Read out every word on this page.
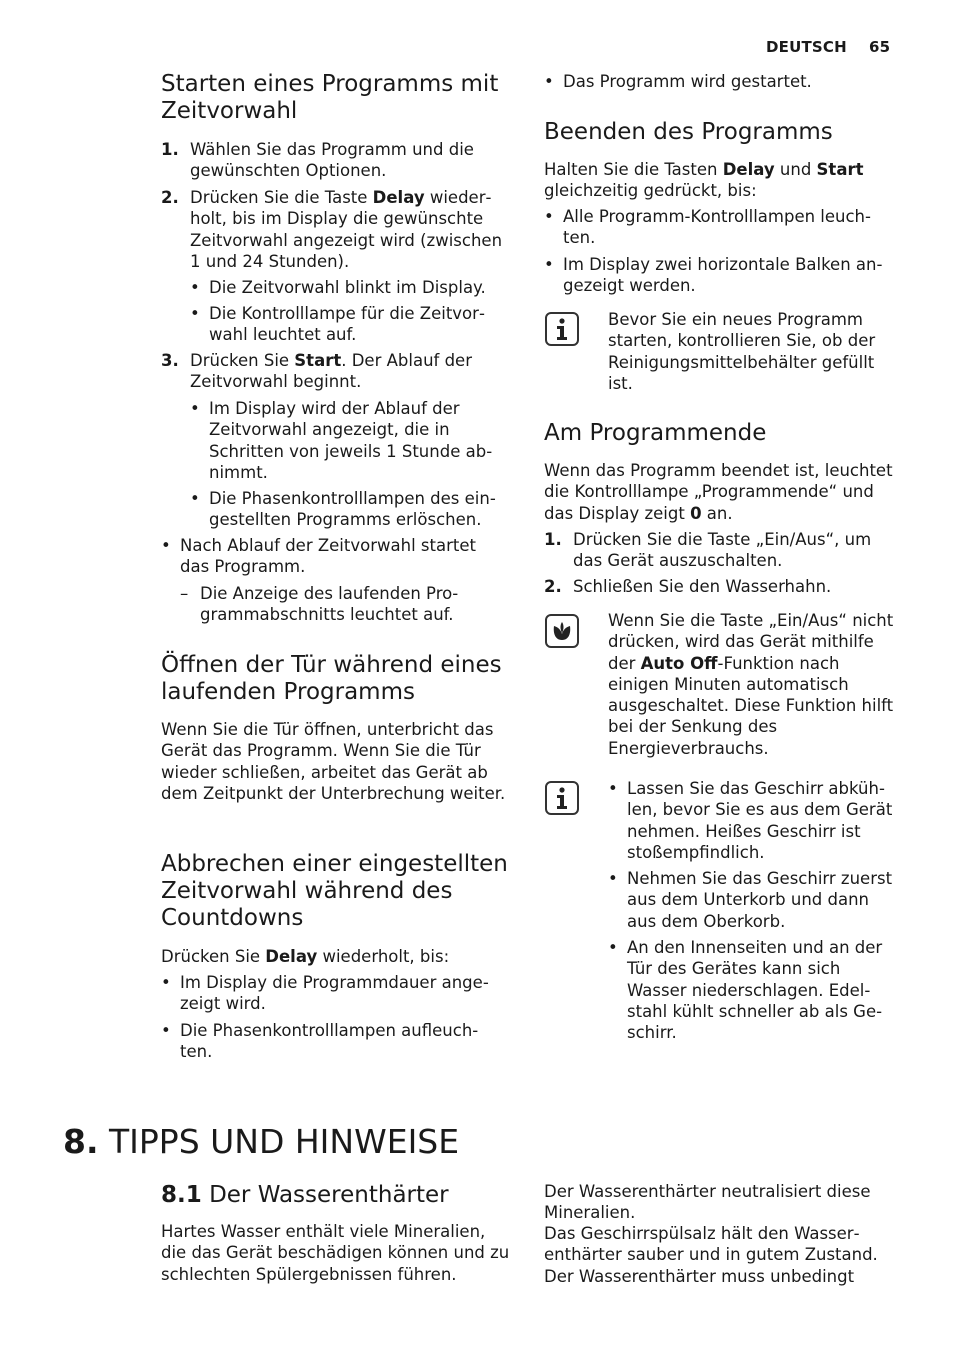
DEUTSCH 65
Starten eines Programms mit Zeitvorwahl
1. Wählen Sie das Programm und die gewünschten Optionen.
2. Drücken Sie die Taste Delay wiederholt, bis im Display die gewünschte Zeitvorwahl angezeigt wird (zwischen 1 und 24 Stunden).
• Die Zeitvorwahl blinkt im Display.
• Die Kontrolllampe für die Zeitvorwahl leuchtet auf.
3. Drücken Sie Start. Der Ablauf der Zeitvorwahl beginnt.
• Im Display wird der Ablauf der Zeitvorwahl angezeigt, die in Schritten von jeweils 1 Stunde abnimmt.
• Die Phasenkontrolllampen des eingestellten Programms erlöschen.
• Nach Ablauf der Zeitvorwahl startet das Programm.
– Die Anzeige des laufenden Programmabschnitts leuchtet auf.
Öffnen der Tür während eines laufenden Programms

Wenn Sie die Tür öffnen, unterbricht das Gerät das Programm. Wenn Sie die Tür wieder schließen, arbeitet das Gerät ab dem Zeitpunkt der Unterbrechung weiter.

Abbrechen einer eingestellten Zeitvorwahl während des Countdowns

Drücken Sie Delay wiederholt, bis:

• Im Display die Programmdauer angezeigt wird.
• Die Phasenkontrolllampen aufleuchten.
• Das Programm wird gestartet.
Beenden des Programms

Halten Sie die Tasten Delay und Start gleichzeitig gedrückt, bis:

• Alle Programm-Kontrolllampen leuchten.
• Im Display zwei horizontale Balken angezeigt werden.

Bevor Sie ein neues Programm starten, kontrollieren Sie, ob der Reinigungsmittelbehälter gefüllt ist.

Am Programmende

Wenn das Programm beendet ist, leuchtet die Kontrolllampe „Programmende“ und das Display zeigt 0 an.

1. Drücken Sie die Taste „Ein/Aus“, um das Gerät auszuschalten.
2. Schließen Sie den Wasserhahn.

Wenn Sie die Taste „Ein/Aus“ nicht drücken, wird das Gerät mithilfe der Auto Off-Funktion nach einigen Minuten automatisch ausgeschaltet. Diese Funktion hilft bei der Senkung des Energieverbrauchs.

• Lassen Sie das Geschirr abkühlen, bevor Sie es aus dem Gerät nehmen. Heißes Geschirr ist stoßempfindlich.
• Nehmen Sie das Geschirr zuerst aus dem Unterkorb und dann aus dem Oberkorb.
• An den Innenseiten und an der Tür des Gerätes kann sich Wasser niederschlagen. Edelstahl kühlt schneller ab als Geschirr.
8. TIPPS UND HINWEISE
8.1 Der Wasserenthärter

Hartes Wasser enthält viele Mineralien, die das Gerät beschädigen können und zu schlechten Spülergebnissen führen.

Der Wasserenthärter neutralisiert diese Mineralien.

Das Geschirrspülsalz hält den Wasserenthärter sauber und in gutem Zustand. Der Wasserenthärter muss unbedingt
